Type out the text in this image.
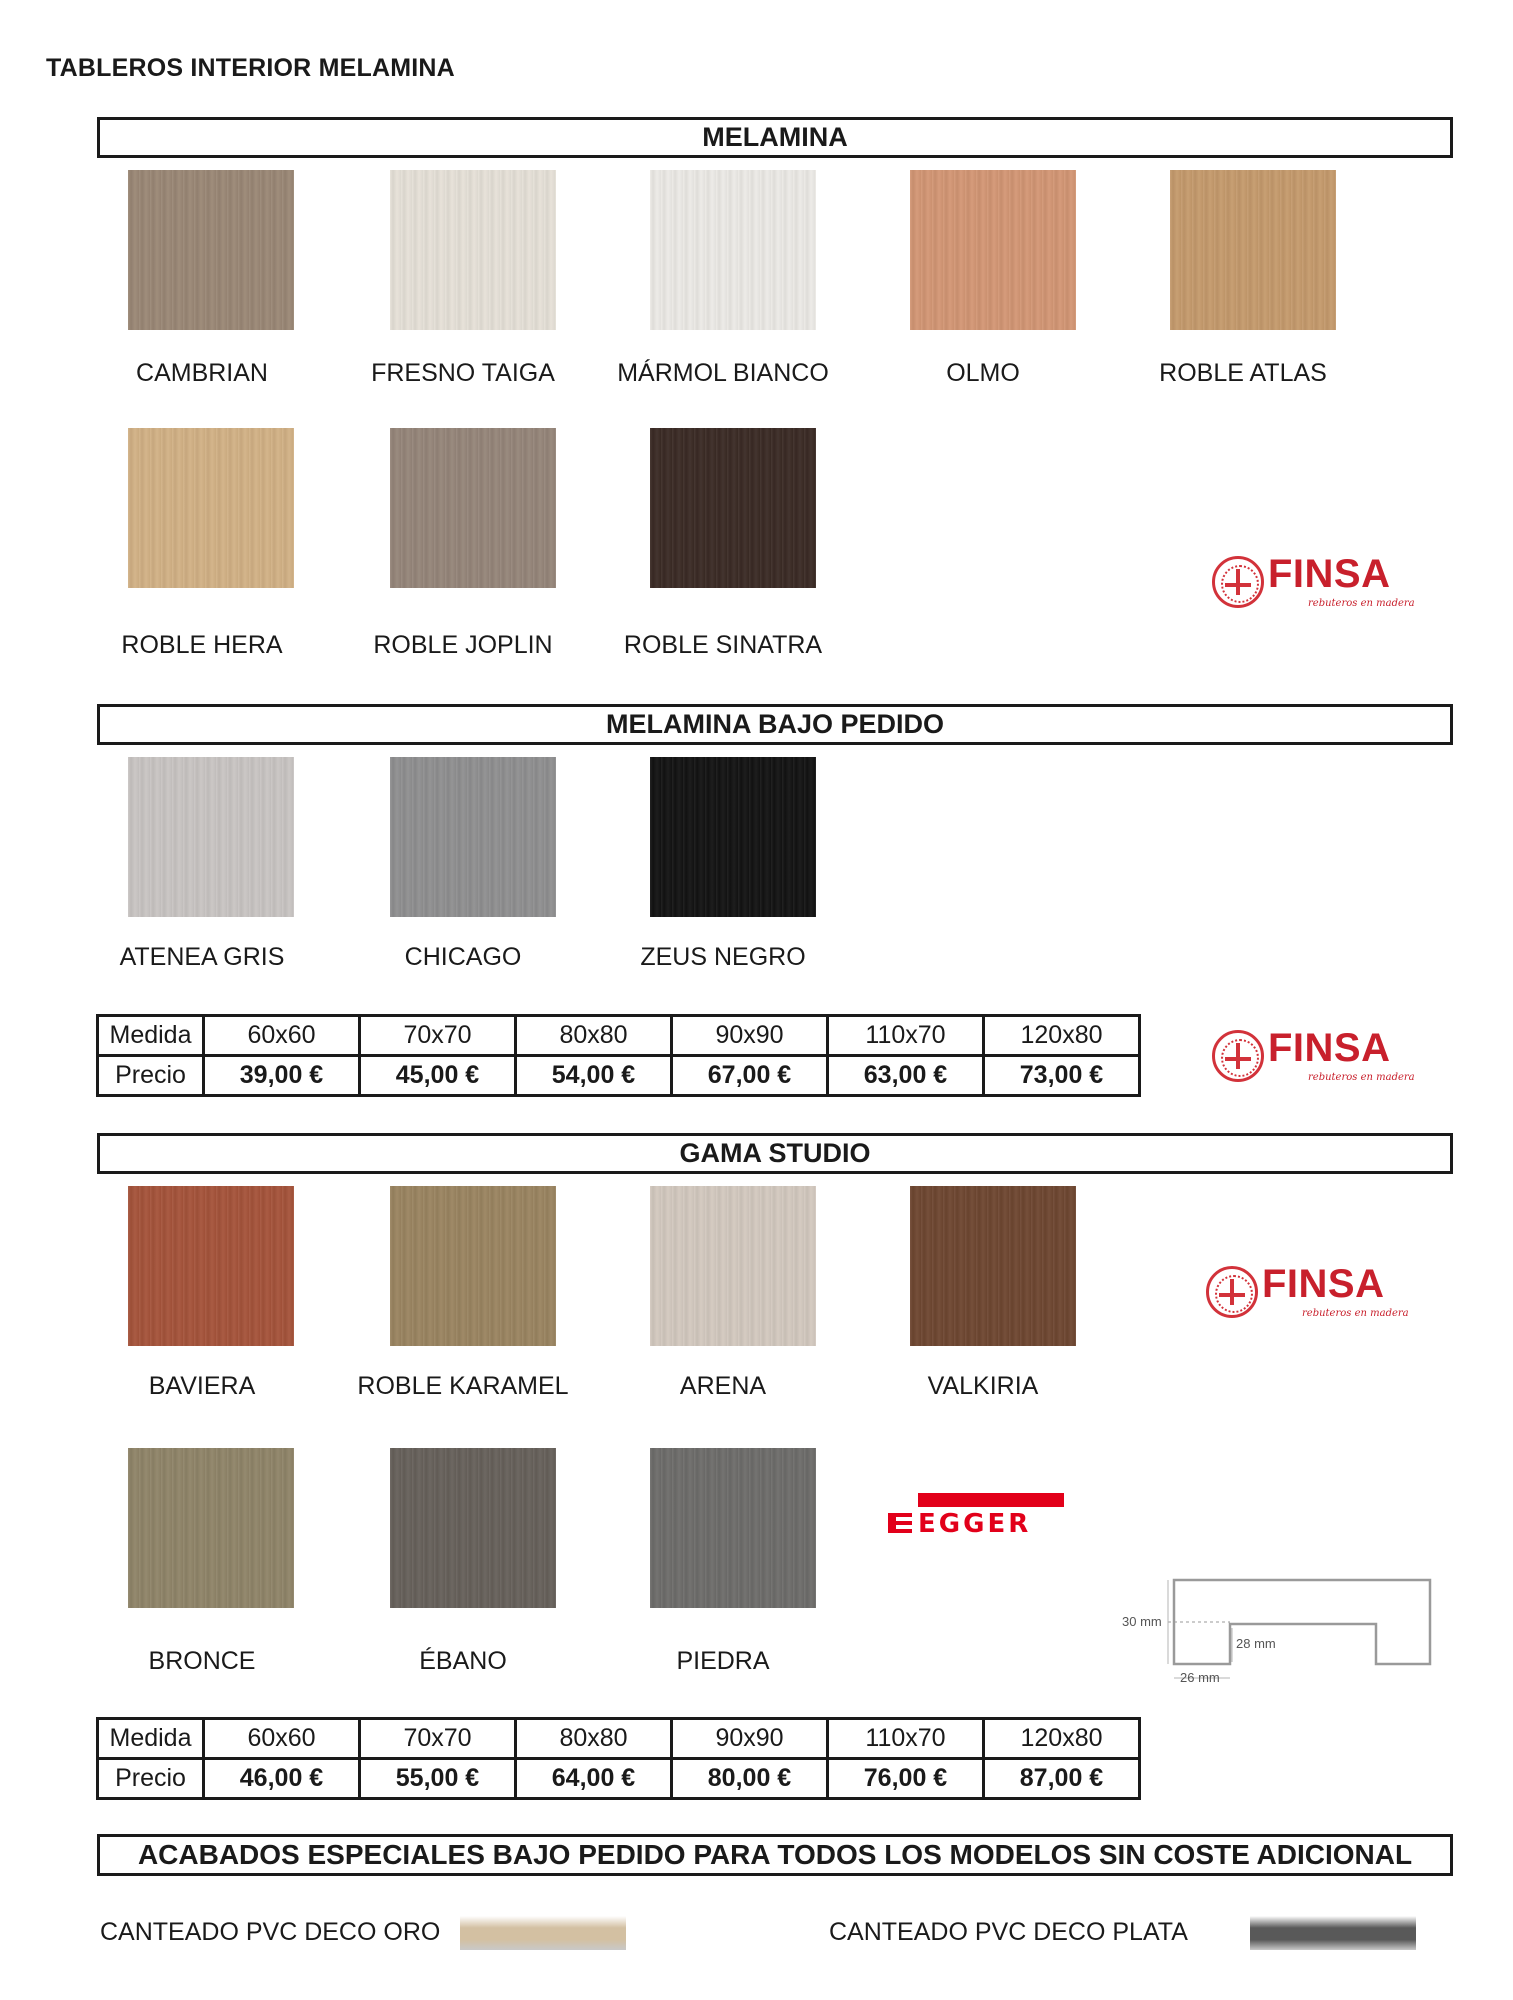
TABLEROS INTERIOR MELAMINA
MELAMINA
CAMBRIAN	FRESNO TAIGA	MÁRMOL BIANCO	OLMO	ROBLE ATLAS
ROBLE HERA	ROBLE JOPLIN	ROBLE SINATRA
FINSA
rebuteros en madera
MELAMINA BAJO PEDIDO
ATENEA GRIS	CHICAGO	ZEUS NEGRO
Medida	60x60	70x70	80x80	90x90	110x70	120x80
Precio	39,00 €	45,00 €	54,00 €	67,00 €	63,00 €	73,00 €
FINSA
rebuteros en madera
GAMA STUDIO
BAVIERA	ROBLE KARAMEL	ARENA	VALKIRIA
FINSA
rebuteros en madera
BRONCE	ÉBANO	PIEDRA
EGGER
30 mm
28 mm
26 mm
Medida	60x60	70x70	80x80	90x90	110x70	120x80
Precio	46,00 €	55,00 €	64,00 €	80,00 €	76,00 €	87,00 €
ACABADOS ESPECIALES BAJO PEDIDO PARA TODOS LOS MODELOS SIN COSTE ADICIONAL
CANTEADO PVC DECO ORO	CANTEADO PVC DECO PLATA
